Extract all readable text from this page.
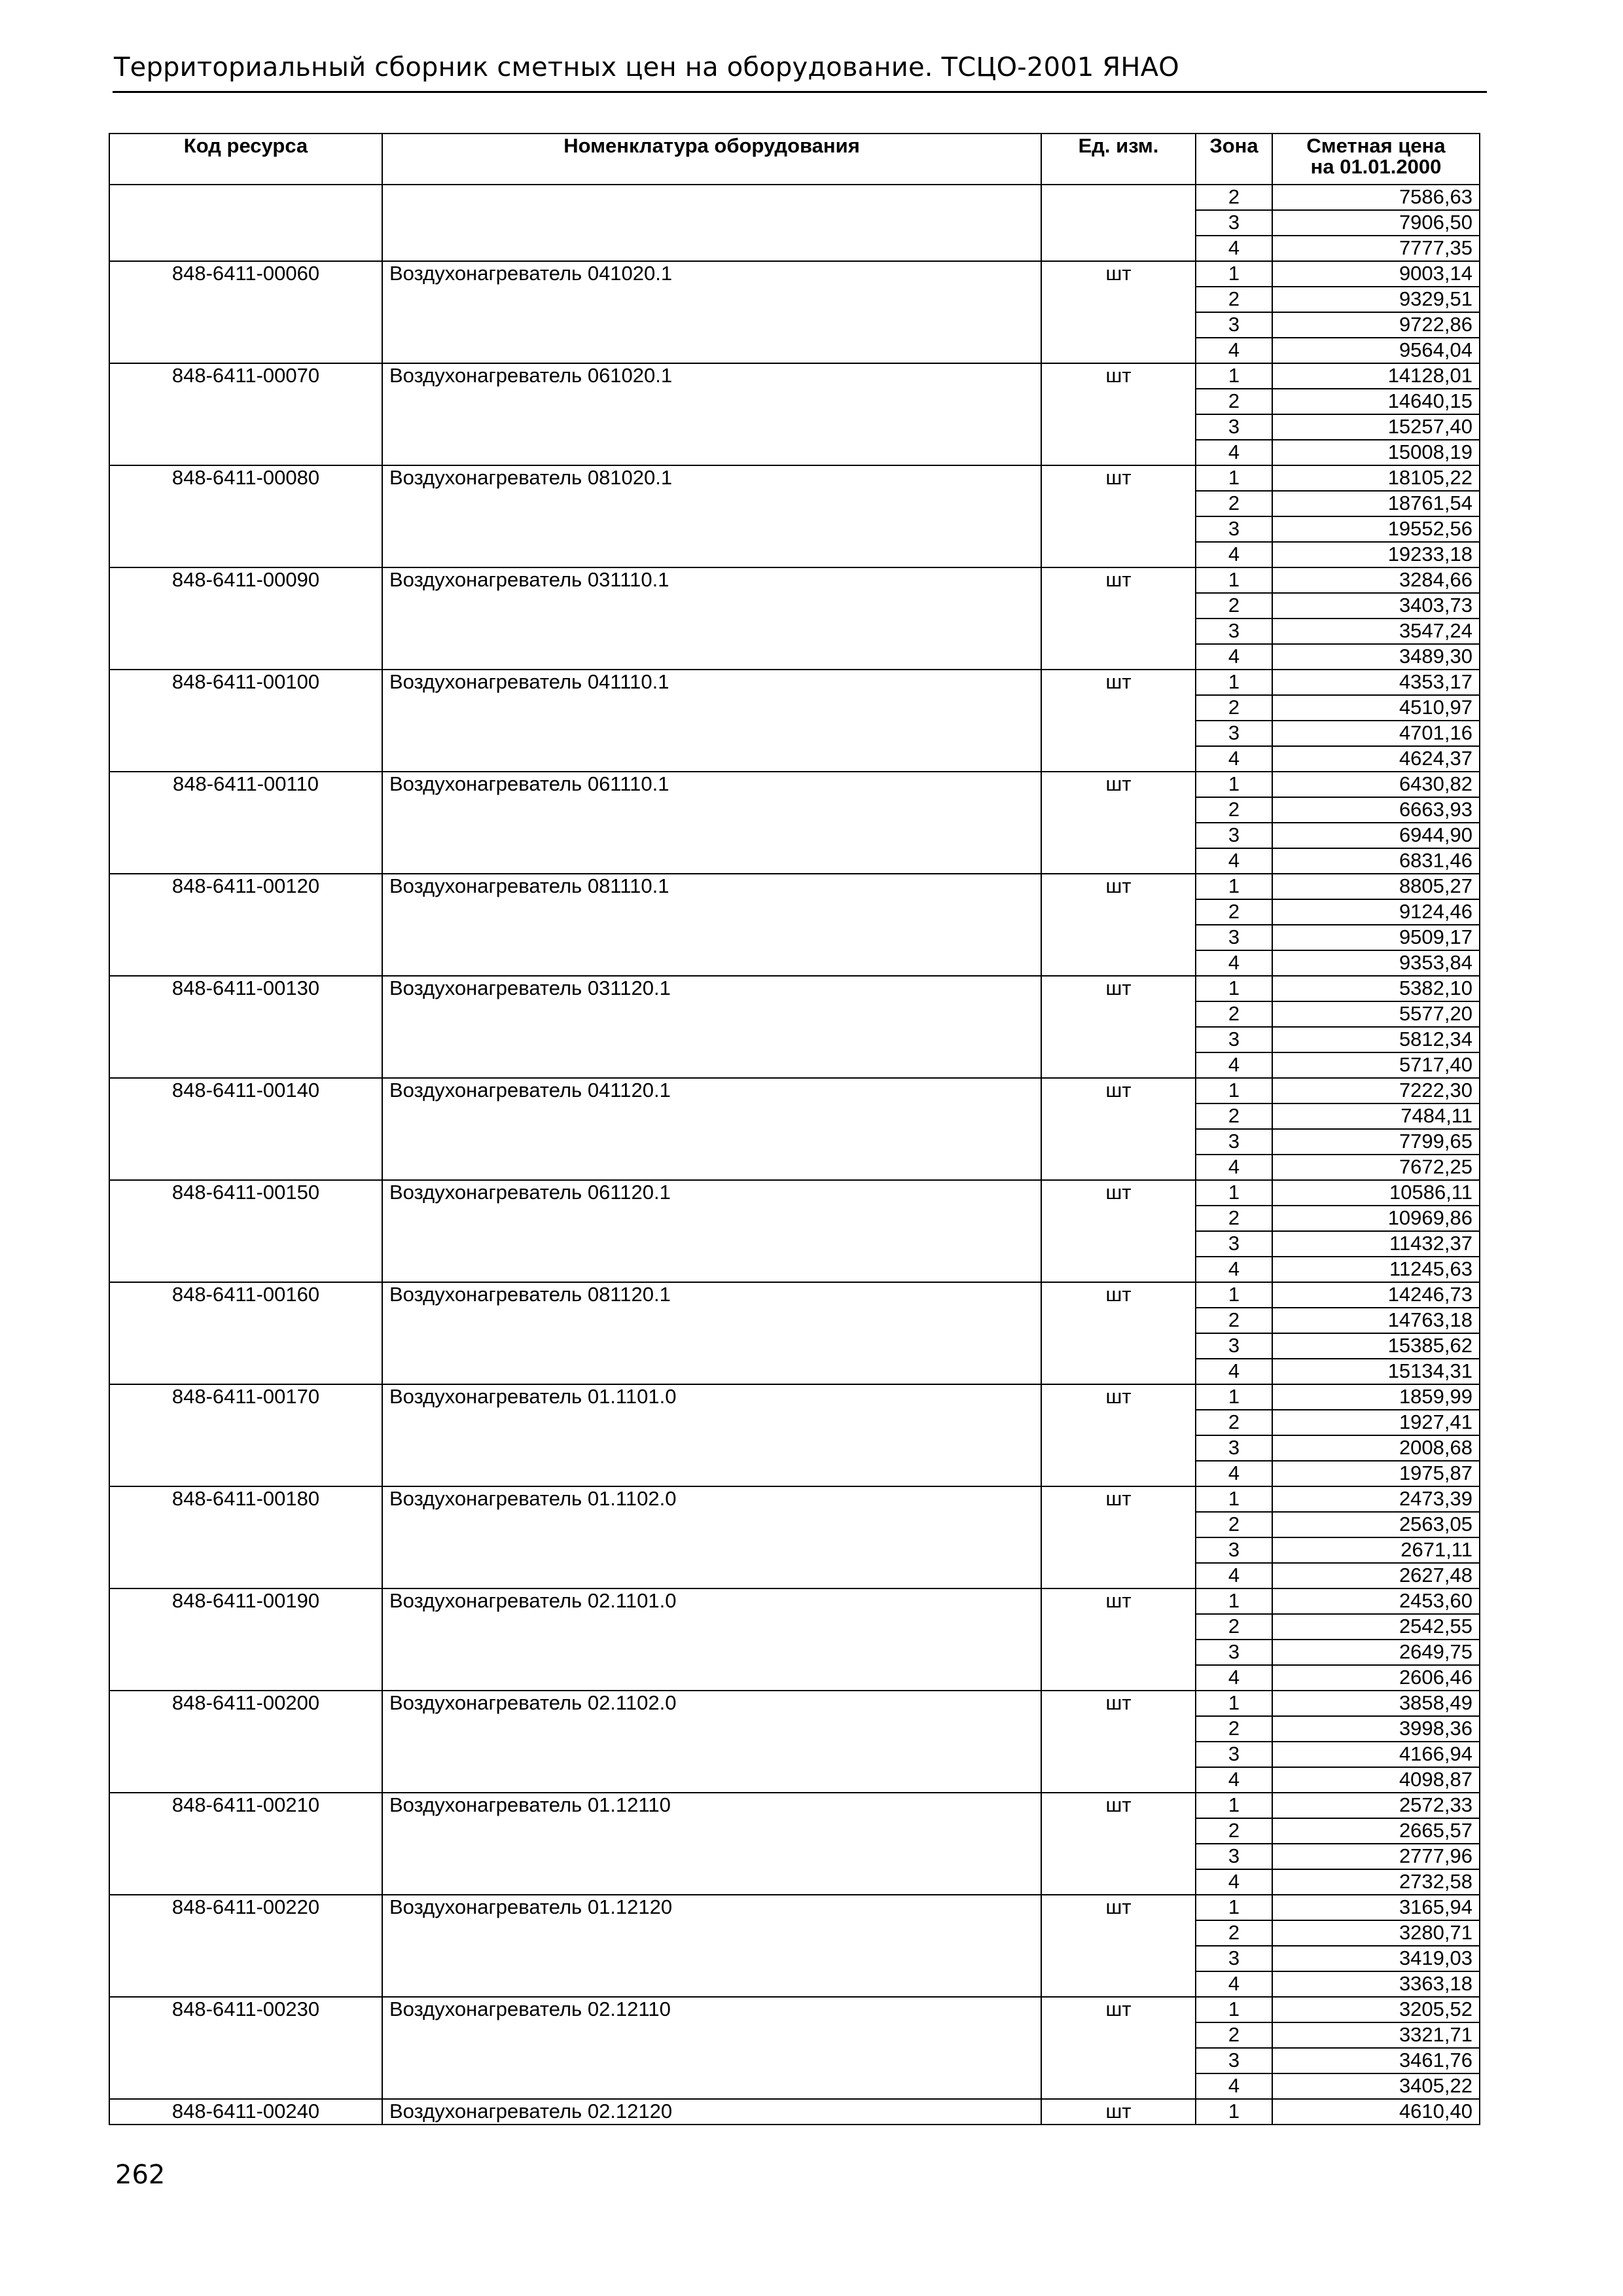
Территориальный сборник сметных цен на оборудование. ТСЦО-2001 ЯНАО
Код ресурса	Номенклатура оборудования	Ед. изм.	Зона	Сметная цена
на 01.01.2000

			2	7586,63
			3	7906,50
			4	7777,35
848-6411-00060	Воздухонагреватель 041020.1	шт	1	9003,14
			2	9329,51
			3	9722,86
			4	9564,04
848-6411-00070	Воздухонагреватель 061020.1	шт	1	14128,01
			2	14640,15
			3	15257,40
			4	15008,19
848-6411-00080	Воздухонагреватель 081020.1	шт	1	18105,22
			2	18761,54
			3	19552,56
			4	19233,18
848-6411-00090	Воздухонагреватель 031110.1	шт	1	3284,66
			2	3403,73
			3	3547,24
			4	3489,30
848-6411-00100	Воздухонагреватель 041110.1	шт	1	4353,17
			2	4510,97
			3	4701,16
			4	4624,37
848-6411-00110	Воздухонагреватель 061110.1	шт	1	6430,82
			2	6663,93
			3	6944,90
			4	6831,46
848-6411-00120	Воздухонагреватель 081110.1	шт	1	8805,27
			2	9124,46
			3	9509,17
			4	9353,84
848-6411-00130	Воздухонагреватель 031120.1	шт	1	5382,10
			2	5577,20
			3	5812,34
			4	5717,40
848-6411-00140	Воздухонагреватель 041120.1	шт	1	7222,30
			2	7484,11
			3	7799,65
			4	7672,25
848-6411-00150	Воздухонагреватель 061120.1	шт	1	10586,11
			2	10969,86
			3	11432,37
			4	11245,63
848-6411-00160	Воздухонагреватель 081120.1	шт	1	14246,73
			2	14763,18
			3	15385,62
			4	15134,31
848-6411-00170	Воздухонагреватель 01.1101.0	шт	1	1859,99
			2	1927,41
			3	2008,68
			4	1975,87
848-6411-00180	Воздухонагреватель 01.1102.0	шт	1	2473,39
			2	2563,05
			3	2671,11
			4	2627,48
848-6411-00190	Воздухонагреватель 02.1101.0	шт	1	2453,60
			2	2542,55
			3	2649,75
			4	2606,46
848-6411-00200	Воздухонагреватель 02.1102.0	шт	1	3858,49
			2	3998,36
			3	4166,94
			4	4098,87
848-6411-00210	Воздухонагреватель 01.12110	шт	1	2572,33
			2	2665,57
			3	2777,96
			4	2732,58
848-6411-00220	Воздухонагреватель 01.12120	шт	1	3165,94
			2	3280,71
			3	3419,03
			4	3363,18
848-6411-00230	Воздухонагреватель 02.12110	шт	1	3205,52
			2	3321,71
			3	3461,76
			4	3405,22
848-6411-00240	Воздухонагреватель 02.12120	шт	1	4610,40
262
